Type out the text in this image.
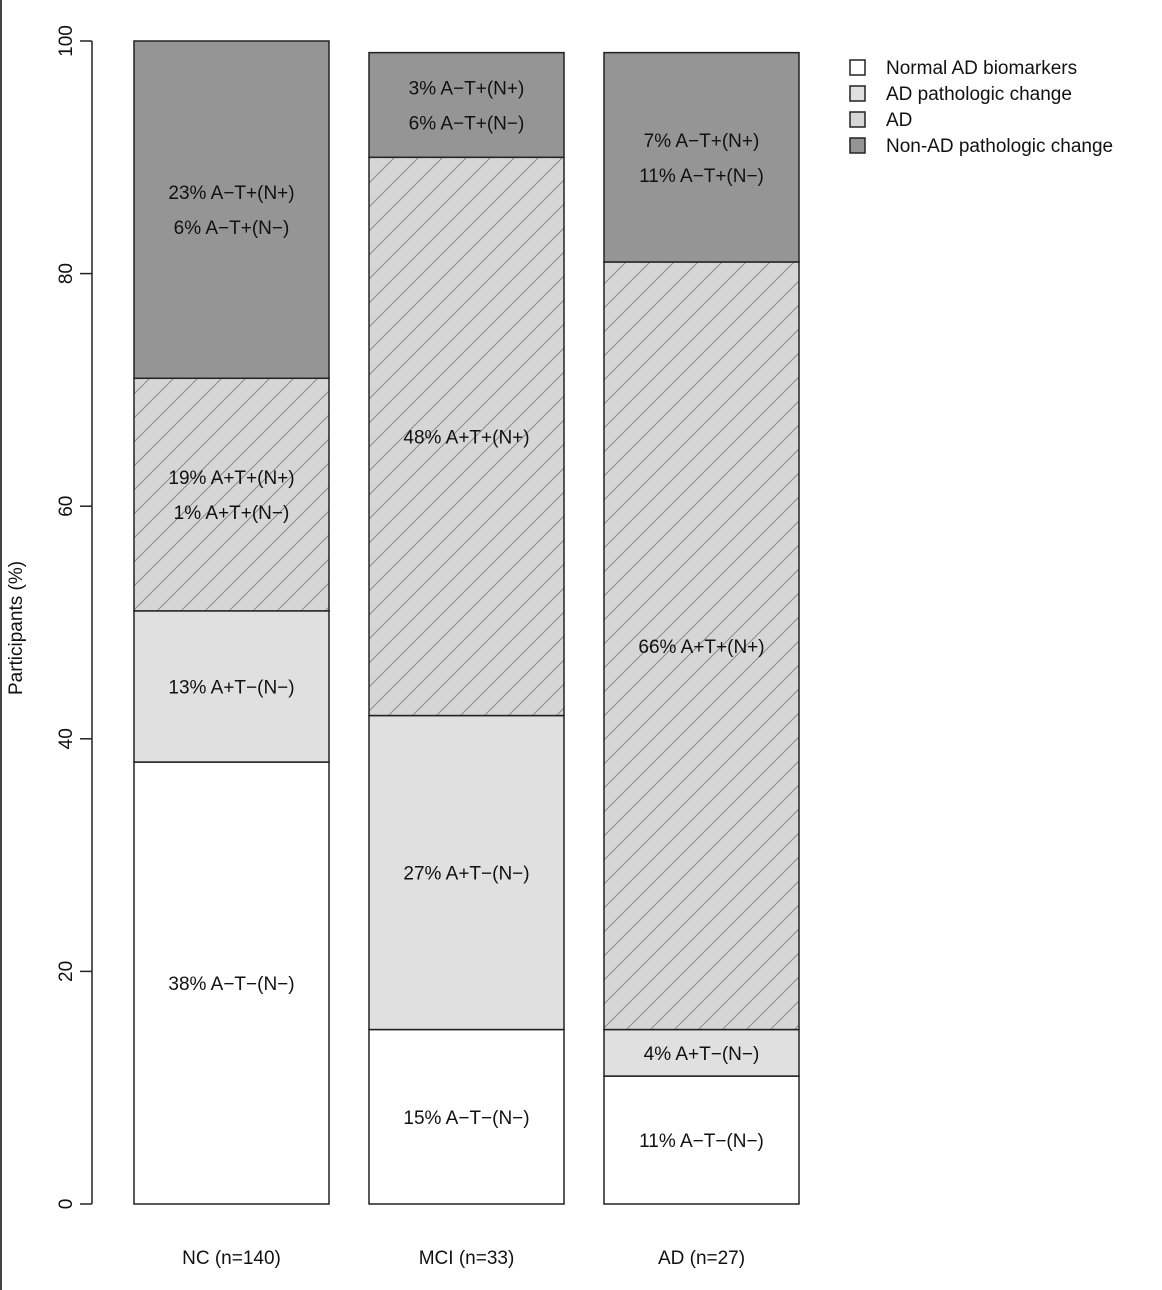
0
20
40
60
80
100
Participants (%)
38% A−T−(N−)
13% A+T−(N−)
19% A+T+(N+)
1% A+T+(N−)
23% A−T+(N+)
6% A−T+(N−)
15% A−T−(N−)
27% A+T−(N−)
48% A+T+(N+)
3% A−T+(N+)
6% A−T+(N−)
11% A−T−(N−)
4% A+T−(N−)
66% A+T+(N+)
7% A−T+(N+)
11% A−T+(N−)
NC (n=140)	MCI (n=33)	AD (n=27)
Normal AD biomarkers
AD pathologic change
AD
Non-AD pathologic change
